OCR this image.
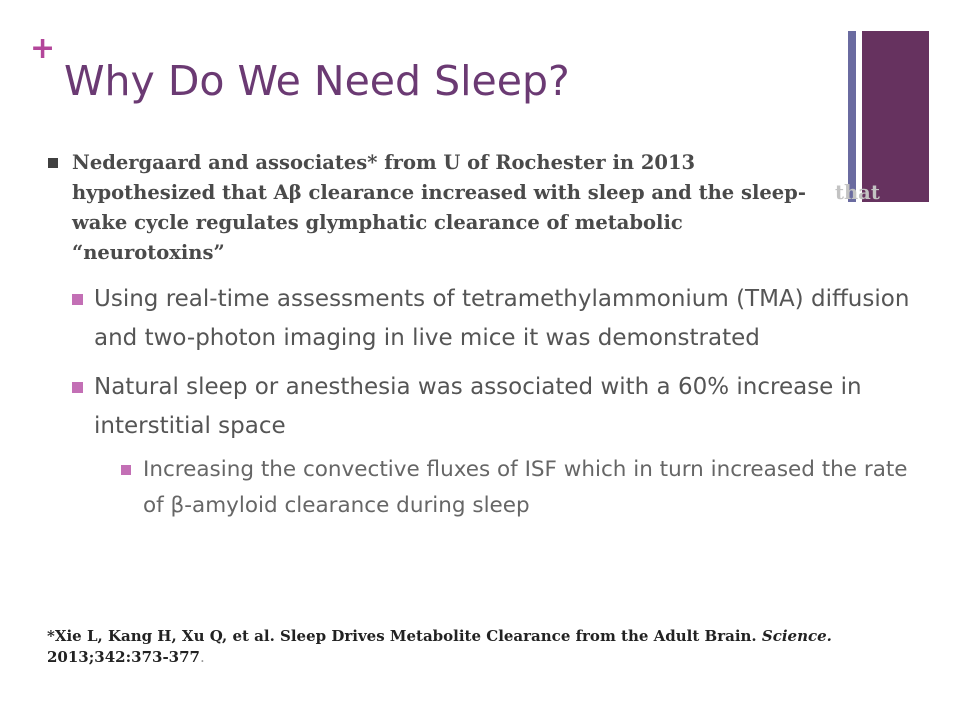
+
Why Do We Need Sleep?

Nedergaard and associates* from U of Rochester in 2013 hypothesized that Aβ clearance increased with sleep and the sleep-wake cycle regulates glymphatic clearance of metabolic “neurotoxins”
that

Using real-time assessments of tetramethylammonium (TMA) diffusion and two-photon imaging in live mice it was demonstrated

Natural sleep or anesthesia was associated with a 60% increase in interstitial space

Increasing the convective fluxes of ISF which in turn increased the rate of β-amyloid clearance during sleep

*Xie L, Kang H, Xu Q, et al. Sleep Drives Metabolite Clearance from the Adult Brain. Science. 2013;342:373-377.
